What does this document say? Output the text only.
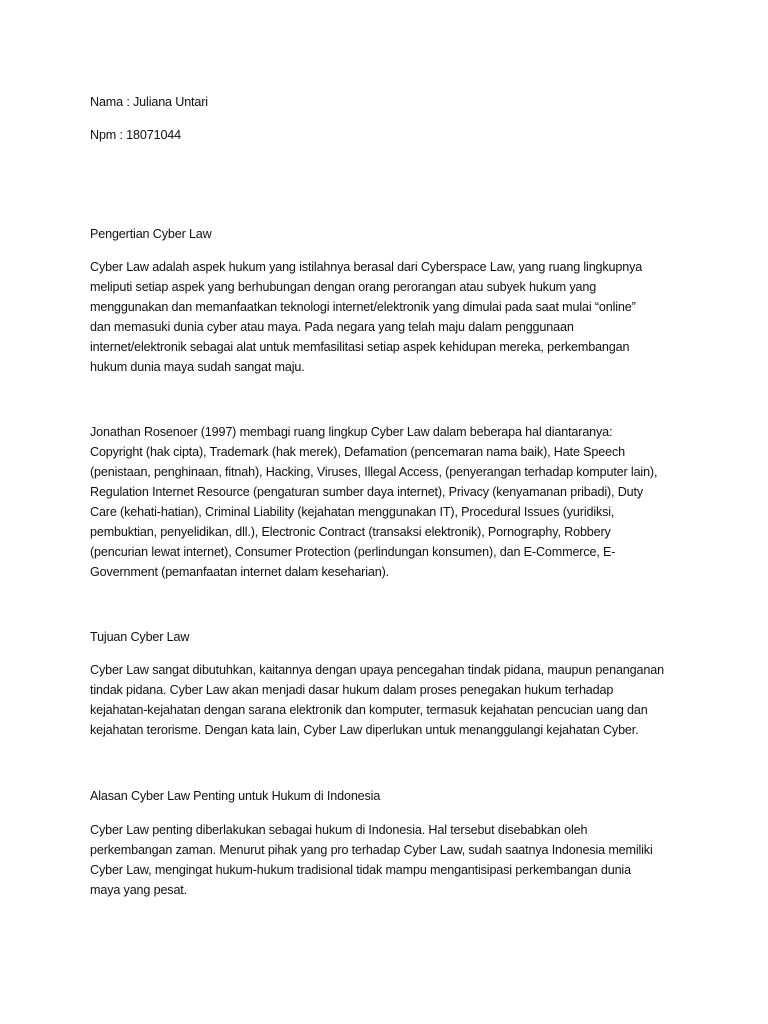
Nama : Juliana Untari
Npm : 18071044
Pengertian Cyber Law
Cyber Law adalah aspek hukum yang istilahnya berasal dari Cyberspace Law, yang ruang lingkupnya
meliputi setiap aspek yang berhubungan dengan orang perorangan atau subyek hukum yang
menggunakan dan memanfaatkan teknologi internet/elektronik yang dimulai pada saat mulai “online”
dan memasuki dunia cyber atau maya. Pada negara yang telah maju dalam penggunaan
internet/elektronik sebagai alat untuk memfasilitasi setiap aspek kehidupan mereka, perkembangan
hukum dunia maya sudah sangat maju.
Jonathan Rosenoer (1997) membagi ruang lingkup Cyber Law dalam beberapa hal diantaranya:
Copyright (hak cipta), Trademark (hak merek), Defamation (pencemaran nama baik), Hate Speech
(penistaan, penghinaan, fitnah), Hacking, Viruses, Illegal Access, (penyerangan terhadap komputer lain),
Regulation Internet Resource (pengaturan sumber daya internet), Privacy (kenyamanan pribadi), Duty
Care (kehati-hatian), Criminal Liability (kejahatan menggunakan IT), Procedural Issues (yuridiksi,
pembuktian, penyelidikan, dll.), Electronic Contract (transaksi elektronik), Pornography, Robbery
(pencurian lewat internet), Consumer Protection (perlindungan konsumen), dan E-Commerce, E-
Government (pemanfaatan internet dalam keseharian).
Tujuan Cyber Law
Cyber Law sangat dibutuhkan, kaitannya dengan upaya pencegahan tindak pidana, maupun penanganan
tindak pidana. Cyber Law akan menjadi dasar hukum dalam proses penegakan hukum terhadap
kejahatan-kejahatan dengan sarana elektronik dan komputer, termasuk kejahatan pencucian uang dan
kejahatan terorisme. Dengan kata lain, Cyber Law diperlukan untuk menanggulangi kejahatan Cyber.
Alasan Cyber Law Penting untuk Hukum di Indonesia
Cyber Law penting diberlakukan sebagai hukum di Indonesia. Hal tersebut disebabkan oleh
perkembangan zaman. Menurut pihak yang pro terhadap Cyber Law, sudah saatnya Indonesia memiliki
Cyber Law, mengingat hukum-hukum tradisional tidak mampu mengantisipasi perkembangan dunia
maya yang pesat.
